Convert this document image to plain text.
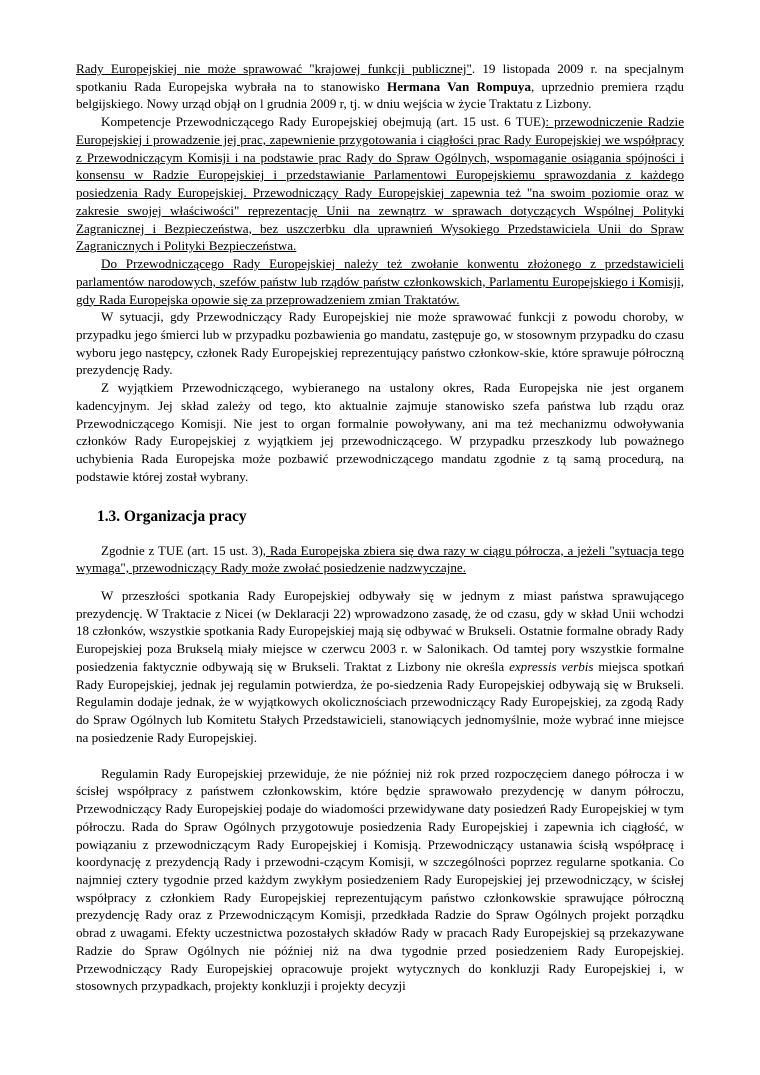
Rady Europejskiej nie może sprawować "krajowej funkcji publicznej". 19 listopada 2009 r. na specjalnym spotkaniu Rada Europejska wybrała na to stanowisko Hermana Van Rompuya, uprzednio premiera rządu belgijskiego. Nowy urząd objął on l grudnia 2009 r, tj. w dniu wejścia w życie Traktatu z Lizbony.

Kompetencje Przewodniczącego Rady Europejskiej obejmują (art. 15 ust. 6 TUE): przewodniczenie Radzie Europejskiej i prowadzenie jej prac, zapewnienie przygotowania i ciągłości prac Rady Europejskiej we współpracy z Przewodniczącym Komisji i na podstawie prac Rady do Spraw Ogólnych, wspomaganie osiągania spójności i konsensu w Radzie Europejskiej i przedstawianie Parlamentowi Europejskiemu sprawozdania z każdego posiedzenia Rady Europejskiej. Przewodniczący Rady Europejskiej zapewnia też "na swoim poziomie oraz w zakresie swojej właściwości" reprezentację Unii na zewnątrz w sprawach dotyczących Wspólnej Polityki Zagranicznej i Bezpieczeństwa, bez uszczerbku dla uprawnień Wysokiego Przedstawiciela Unii do Spraw Zagranicznych i Polityki Bezpieczeństwa.

Do Przewodniczącego Rady Europejskiej należy też zwołanie konwentu złożonego z przedstawicieli parlamentów narodowych, szefów państw lub rządów państw członkowskich, Parlamentu Europejskiego i Komisji, gdy Rada Europejska opowie się za przeprowadzeniem zmian Traktatów.

W sytuacji, gdy Przewodniczący Rady Europejskiej nie może sprawować funkcji z powodu choroby, w przypadku jego śmierci lub w przypadku pozbawienia go mandatu, zastępuje go, w stosownym przypadku do czasu wyboru jego następcy, członek Rady Europejskiej reprezentujący państwo członkow-skie, które sprawuje półroczną prezydencję Rady.

Z wyjątkiem Przewodniczącego, wybieranego na ustalony okres, Rada Europejska nie jest organem kadencyjnym. Jej skład zależy od tego, kto aktualnie zajmuje stanowisko szefa państwa lub rządu oraz Przewodniczącego Komisji. Nie jest to organ formalnie powoływany, ani ma też mechanizmu odwoływania członków Rady Europejskiej z wyjątkiem jej przewodniczącego. W przypadku przeszkody lub poważnego uchybienia Rada Europejska może pozbawić przewodniczącego mandatu zgodnie z tą samą procedurą, na podstawie której został wybrany.

1.3. Organizacja pracy

Zgodnie z TUE (art. 15 ust. 3), Rada Europejska zbiera się dwa razy w ciągu półrocza, a jeżeli "sytuacja tego wymaga", przewodniczący Rady może zwołać posiedzenie nadzwyczajne.

W przeszłości spotkania Rady Europejskiej odbywały się w jednym z miast państwa sprawującego prezydencję. W Traktacie z Nicei (w Deklaracji 22) wprowadzono zasadę, że od czasu, gdy w skład Unii wchodzi 18 członków, wszystkie spotkania Rady Europejskiej mają się odbywać w Brukseli. Ostatnie formalne obrady Rady Europejskiej poza Brukselą miały miejsce w czerwcu 2003 r. w Salonikach. Od tamtej pory wszystkie formalne posiedzenia faktycznie odbywają się w Brukseli. Traktat z Lizbony nie określa expressis verbis miejsca spotkań Rady Europejskiej, jednak jej regulamin potwierdza, że po-siedzenia Rady Europejskiej odbywają się w Brukseli. Regulamin dodaje jednak, że w wyjątkowych okolicznościach przewodniczący Rady Europejskiej, za zgodą Rady do Spraw Ogólnych lub Komitetu Stałych Przedstawicieli, stanowiących jednomyślnie, może wybrać inne miejsce na posiedzenie Rady Europejskiej.

Regulamin Rady Europejskiej przewiduje, że nie później niż rok przed rozpoczęciem danego półrocza i w ścisłej współpracy z państwem członkowskim, które będzie sprawowało prezydencję w danym półroczu, Przewodniczący Rady Europejskiej podaje do wiadomości przewidywane daty posiedzeń Rady Europejskiej w tym półroczu. Rada do Spraw Ogólnych przygotowuje posiedzenia Rady Europejskiej i zapewnia ich ciągłość, w powiązaniu z przewodniczącym Rady Europejskiej i Komisją. Przewodniczący ustanawia ścisłą współpracę i koordynację z prezydencją Rady i przewodni-czącym Komisji, w szczególności poprzez regularne spotkania. Co najmniej cztery tygodnie przed każdym zwykłym posiedzeniem Rady Europejskiej jej przewodniczący, w ścisłej współpracy z członkiem Rady Europejskiej reprezentującym państwo członkowskie sprawujące półroczną prezydencję Rady oraz z Przewodniczącym Komisji, przedkłada Radzie do Spraw Ogólnych projekt porządku obrad z uwagami. Efekty uczestnictwa pozostałych składów Rady w pracach Rady Europejskiej są przekazywane Radzie do Spraw Ogólnych nie później niż na dwa tygodnie przed posiedzeniem Rady Europejskiej. Przewodniczący Rady Europejskiej opracowuje projekt wytycznych do konkluzji Rady Europejskiej i, w stosownych przypadkach, projekty konkluzji i projekty decyzji
